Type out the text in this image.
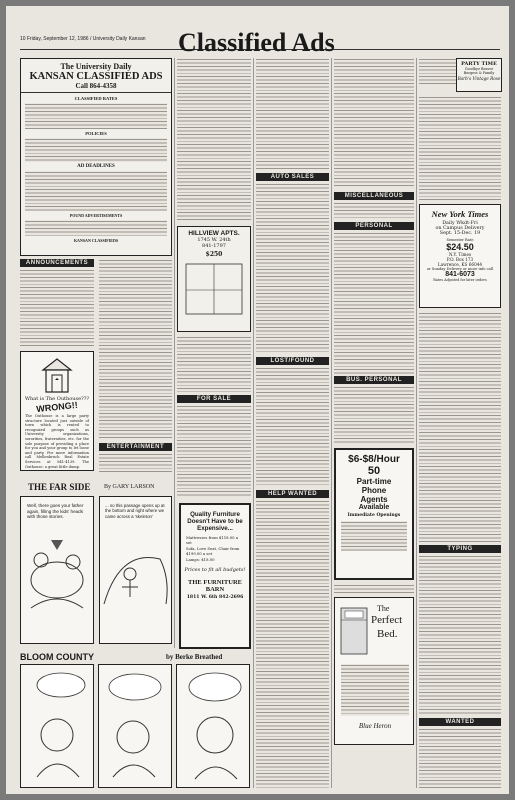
10 Friday, September 12, 1986 / University Daily Kansan Classified Ads
The University Daily
KANSAN CLASSIFIED ADS
Call 864-4358
CLASSIFIED RATES
POLICIES
AD DEADLINES
POUND ADVERTISEMENTS
KANSAN CLASSIFIEDS
ANNOUNCEMENTS
What is The Outhouse???
WRONG!!
The Outhouse is a large party structure located just outside of town which is rented to recognized groups such as University organizations, sororities, fraternities, etc. for the sole purpose of providing a place for you and your group to let loose and party. For more information call Mellenbruch Real Estate Services at 841-4139. The Outhouse: a great little dump.
ENTERTAINMENT
THE FAR SIDE By GARY LARSON
Well, there goes your father again, filling the kids' heads with those stories.
... so this passage opens up at the bottom and right where we came across a 'skeleton'
BLOOM COUNTY	by Berke Breathed
HILLVIEW APTS.
1745 W. 24th
841-1797
$250
FOR SALE
Quality Furniture
Doesn't Have to be
Expensive...
Mattresses from $118.00 a set
Sofa, Love Seat, Chair from $199.00 a set
Lamps: $18.00
Prices to fit all budgets!
THE FURNITURE BARN
1811 W. 6th 842-2696
AUTO SALES
LOST/FOUND
HELP WANTED
MISCELLANEOUS
PERSONAL
BUS. PERSONAL
$6-$8/Hour
50
Part-time
Phone
Agents
Available
Immediate Openings
The
Perfect
Bed.
Blue Heron
PARTY TIME
Goodbye Beaver
Burgess & Family
Barb's Vintage Rose
New York Times
Daily Wkdt-Fri
on Campus Delivery
Sept. 15-Dec. 19
Semester Rate
$24.50
N.Y. Times
P.O. Box 173
Lawrence, KS 66044
or Sunday Delivery or more info call
841-6073
Rates Adjusted for later orders
TYPING
WANTED
